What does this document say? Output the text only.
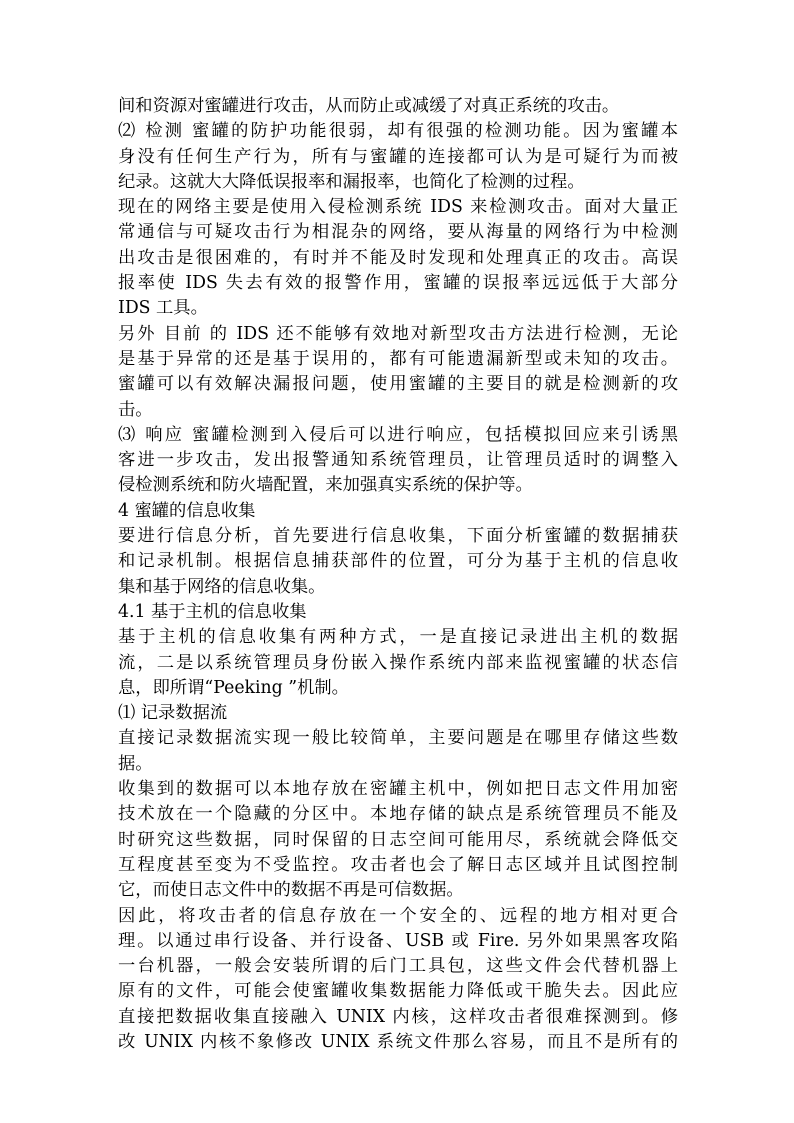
间和资源对蜜罐进行攻击，从而防止或减缓了对真正系统的攻击。
⑵ 检测 蜜罐的防护功能很弱，却有很强的检测功能。因为蜜罐本
身没有任何生产行为，所有与蜜罐的连接都可认为是可疑行为而被
纪录。这就大大降低误报率和漏报率，也简化了检测的过程。
现在的网络主要是使用入侵检测系统 IDS 来检测攻击。面对大量正
常通信与可疑攻击行为相混杂的网络，要从海量的网络行为中检测
出攻击是很困难的，有时并不能及时发现和处理真正的攻击。高误
报率使 IDS 失去有效的报警作用，蜜罐的误报率远远低于大部分
IDS 工具。
另外 目前 的 IDS 还不能够有效地对新型攻击方法进行检测，无论
是基于异常的还是基于误用的，都有可能遗漏新型或未知的攻击。
蜜罐可以有效解决漏报问题，使用蜜罐的主要目的就是检测新的攻
击。
⑶ 响应 蜜罐检测到入侵后可以进行响应，包括模拟回应来引诱黑
客进一步攻击，发出报警通知系统管理员，让管理员适时的调整入
侵检测系统和防火墙配置，来加强真实系统的保护等。
4 蜜罐的信息收集
要进行信息分析，首先要进行信息收集，下面分析蜜罐的数据捕获
和记录机制。根据信息捕获部件的位置，可分为基于主机的信息收
集和基于网络的信息收集。
4.1 基于主机的信息收集
基于主机的信息收集有两种方式，一是直接记录进出主机的数据
流，二是以系统管理员身份嵌入操作系统内部来监视蜜罐的状态信
息，即所谓“Peeking ”机制。
⑴ 记录数据流
直接记录数据流实现一般比较简单，主要问题是在哪里存储这些数
据。
收集到的数据可以本地存放在密罐主机中，例如把日志文件用加密
技术放在一个隐藏的分区中。本地存储的缺点是系统管理员不能及
时研究这些数据，同时保留的日志空间可能用尽，系统就会降低交
互程度甚至变为不受监控。攻击者也会了解日志区域并且试图控制
它，而使日志文件中的数据不再是可信数据。
因此，将攻击者的信息存放在一个安全的、远程的地方相对更合
理。以通过串行设备、并行设备、USB 或 Fire. 另外如果黑客攻陷
一台机器，一般会安装所谓的后门工具包，这些文件会代替机器上
原有的文件，可能会使蜜罐收集数据能力降低或干脆失去。因此应
直接把数据收集直接融入 UNIX 内核，这样攻击者很难探测到。修
改 UNIX 内核不象修改 UNIX 系统文件那么容易，而且不是所有的
